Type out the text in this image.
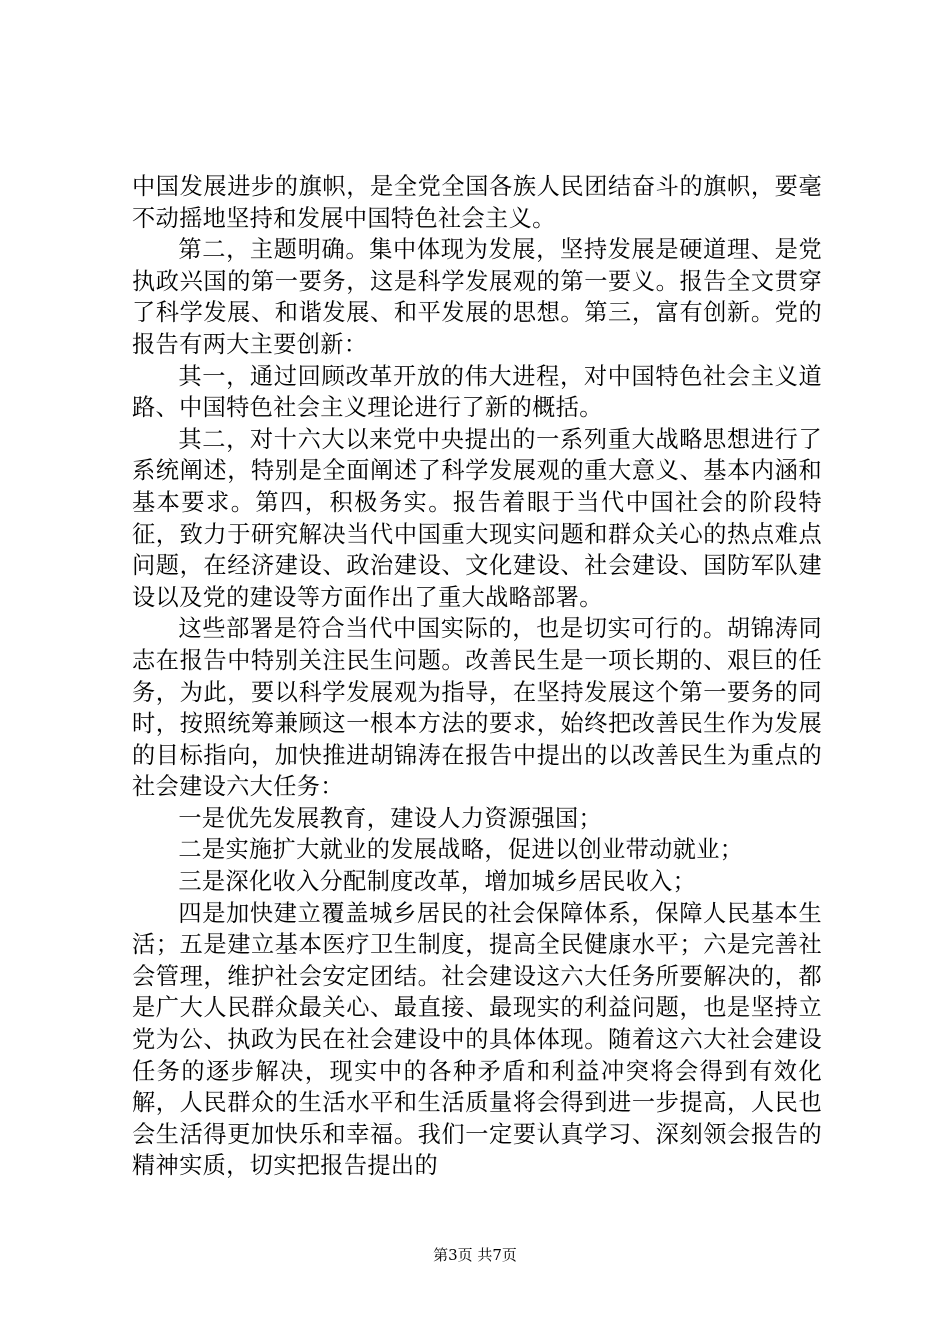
中国发展进步的旗帜，是全党全国各族人民团结奋斗的旗帜，要毫不动摇地坚持和发展中国特色社会主义。

第二，主题明确。集中体现为发展，坚持发展是硬道理、是党执政兴国的第一要务，这是科学发展观的第一要义。报告全文贯穿了科学发展、和谐发展、和平发展的思想。第三，富有创新。党的报告有两大主要创新：

其一，通过回顾改革开放的伟大进程，对中国特色社会主义道路、中国特色社会主义理论进行了新的概括。

其二，对十六大以来党中央提出的一系列重大战略思想进行了系统阐述，特别是全面阐述了科学发展观的重大意义、基本内涵和基本要求。第四，积极务实。报告着眼于当代中国社会的阶段特征，致力于研究解决当代中国重大现实问题和群众关心的热点难点问题，在经济建设、政治建设、文化建设、社会建设、国防军队建设以及党的建设等方面作出了重大战略部署。

这些部署是符合当代中国实际的，也是切实可行的。胡锦涛同志在报告中特别关注民生问题。改善民生是一项长期的、艰巨的任务，为此，要以科学发展观为指导，在坚持发展这个第一要务的同时，按照统筹兼顾这一根本方法的要求，始终把改善民生作为发展的目标指向，加快推进胡锦涛在报告中提出的以改善民生为重点的社会建设六大任务：

一是优先发展教育，建设人力资源强国；

二是实施扩大就业的发展战略，促进以创业带动就业；

三是深化收入分配制度改革，增加城乡居民收入；

四是加快建立覆盖城乡居民的社会保障体系，保障人民基本生活；五是建立基本医疗卫生制度，提高全民健康水平；六是完善社会管理，维护社会安定团结。社会建设这六大任务所要解决的，都是广大人民群众最关心、最直接、最现实的利益问题，也是坚持立党为公、执政为民在社会建设中的具体体现。随着这六大社会建设任务的逐步解决，现实中的各种矛盾和利益冲突将会得到有效化解，人民群众的生活水平和生活质量将会得到进一步提高，人民也会生活得更加快乐和幸福。我们一定要认真学习、深刻领会报告的精神实质，切实把报告提出的

第3页 共7页
